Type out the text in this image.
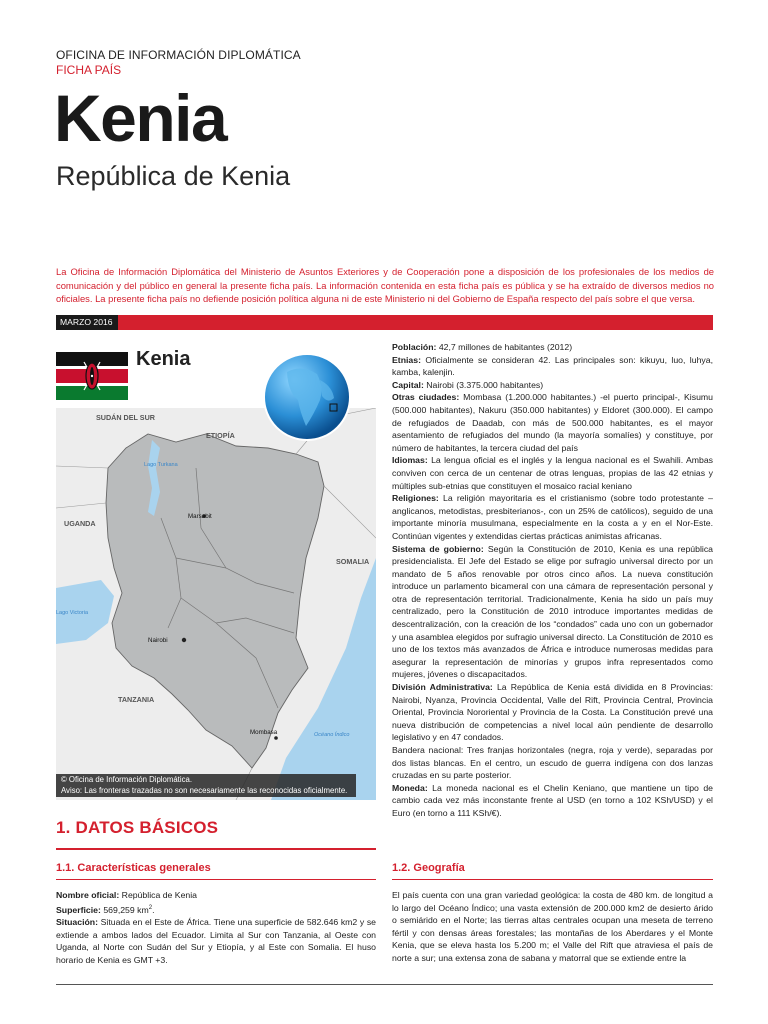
OFICINA DE INFORMACIÓN DIPLOMÁTICA
FICHA PAÍS
Kenia
República de Kenia
La Oficina de Información Diplomática del Ministerio de Asuntos Exteriores y de Cooperación pone a disposición de los profesionales de los medios de comunicación y del público en general la presente ficha país. La información contenida en esta ficha país es pública y se ha extraído de diversos medios no oficiales. La presente ficha país no defiende posición política alguna ni de este Ministerio ni del Gobierno de España respecto del país sobre el que versa.
MARZO 2016
Kenia
SUDÁN DEL SUR
ETIOPÍA
UGANDA
SOMALIA
TANZANIA
Lago Turkana
Lago Victoria
Océano Índico
Marsabit
Nairobi
Mombasa
© Oficina de Información Diplomática.
Aviso: Las fronteras trazadas no son necesariamente las reconocidas oficialmente.

Población: 42,7 millones de habitantes (2012)

Etnias: Oficialmente se consideran 42. Las principales son: kikuyu, luo, luhya, kamba, kalenjin.

Capital: Nairobi (3.375.000 habitantes)

Otras ciudades: Mombasa (1.200.000 habitantes.) -el puerto principal-, Kisumu (500.000 habitantes), Nakuru (350.000 habitantes) y Eldoret (300.000). El campo de refugiados de Daadab, con más de 500.000 habitantes, es el mayor asentamiento de refugiados del mundo (la mayoría somalíes) y constituye, por número de habitantes, la tercera ciudad del país

Idiomas: La lengua oficial es el inglés y la lengua nacional es el Swahili. Ambas conviven con cerca de un centenar de otras lenguas, propias de las 42 etnias y múltiples sub-etnias que constituyen el mosaico racial keniano

Religiones: La religión mayoritaria es el cristianismo (sobre todo protestante – anglicanos, metodistas, presbiterianos-, con un 25% de católicos), seguido de una importante minoría musulmana, especialmente en la costa a y en el Nor-Este. Continúan vigentes y extendidas ciertas prácticas animistas africanas.

Sistema de gobierno: Según la Constitución de 2010, Kenia es una república presidencialista. El Jefe del Estado se elige por sufragio universal directo por un mandato de 5 años renovable por otros cinco años. La nueva constitución introduce un parlamento bicameral con una cámara de representación personal y otra de representación territorial. Tradicionalmente, Kenia ha sido un país muy centralizado, pero la Constitución de 2010 introduce importantes medidas de descentralización, con la creación de los “condados” cada uno con un gobernador y una asamblea elegidos por sufragio universal directo. La Constitución de 2010 es uno de los textos más avanzados de África e introduce numerosas medidas para asegurar la representación de minorías y grupos infra representados como mujeres, jóvenes o discapacitados.

División Administrativa: La República de Kenia está dividida en 8 Provincias: Nairobi, Nyanza, Provincia Occidental, Valle del Rift, Provincia Central, Provincia Oriental, Provincia Nororiental y Provincia de la Costa. La Constitución prevé una nueva distribución de competencias a nivel local aún pendiente de desarrollo legislativo y en 47 condados.

Bandera nacional: Tres franjas horizontales (negra, roja y verde), separadas por dos listas blancas. En el centro, un escudo de guerra indígena con dos lanzas cruzadas en su parte posterior.

Moneda: La moneda nacional es el Chelin Keniano, que mantiene un tipo de cambio cada vez más inconstante frente al USD (en torno a 102 KSh/USD) y el Euro (en torno a 111 KSh/€).

1. DATOS BÁSICOS
1.1. Características generales	1.2. Geografía
Nombre oficial: República de Kenia
Superficie: 569,259 $km^2$.
Situación: Situada en el Este de África. Tiene una superficie de 582.646 km2 y se extiende a ambos lados del Ecuador. Limita al Sur con Tanzania, al Oeste con Uganda, al Norte con Sudán del Sur y Etiopía, y al Este con Somalia. El huso horario de Kenia es GMT +3.
El país cuenta con una gran variedad geológica: la costa de 480 km. de longitud a lo largo del Océano Índico; una vasta extensión de 200.000 km2 de desierto árido o semiárido en el Norte; las tierras altas centrales ocupan una meseta de terreno fértil y con densas áreas forestales; las montañas de los Aberdares y el Monte Kenia, que se eleva hasta los 5.200 m; el Valle del Rift que atraviesa el país de norte a sur; una extensa zona de sabana y matorral que se extiende entre la
